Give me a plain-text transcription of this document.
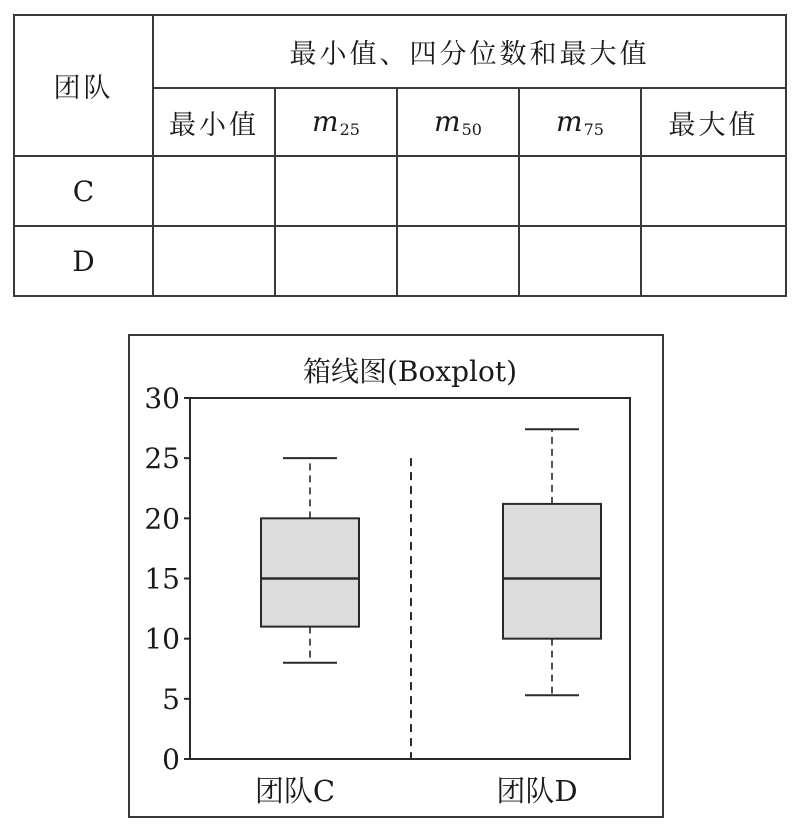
团队	最小值、四分位数和最大值				
	最小值	$m_{25}$	$m_{50}$	$m_{75}$	最大值
C					
D					
箱线图(Boxplot)
0
5
10
15
20
25
30
团队C	团队D
